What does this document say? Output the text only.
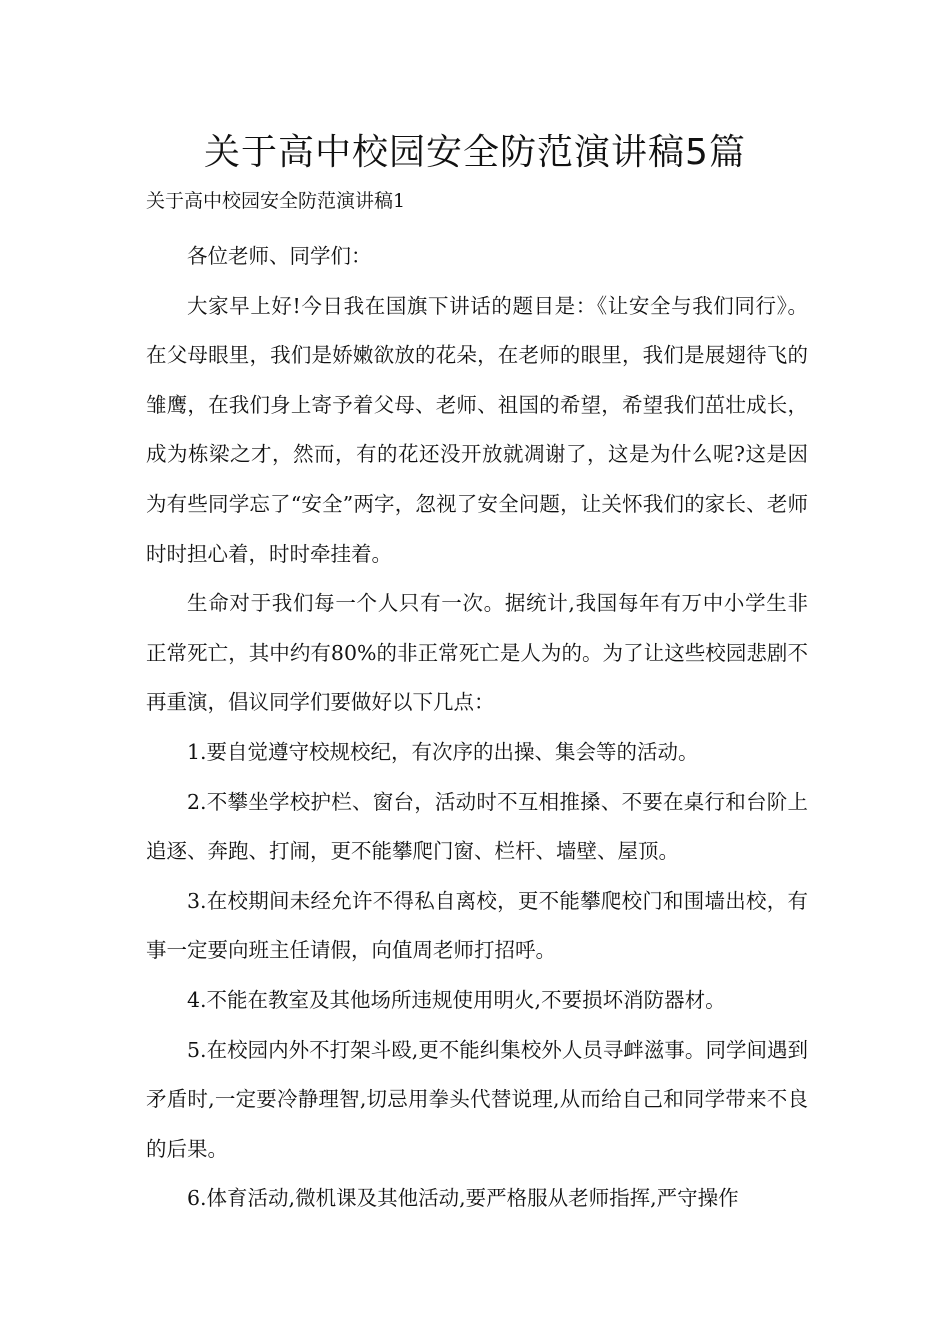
关于高中校园安全防范演讲稿5篇

关于高中校园安全防范演讲稿1

各位老师、同学们：

大家早上好!今日我在国旗下讲话的题目是：《让安全与我们同行》。 在父母眼里，我们是娇嫩欲放的花朵，在老师的眼里，我们是展翅待飞的雏鹰，在我们身上寄予着父母、老师、祖国的希望，希望我们茁壮成长，成为栋梁之才，然而，有的花还没开放就凋谢了，这是为什么呢?这是因为有些同学忘了“安全”两字，忽视了安全问题，让关怀我们的家长、老师时时担心着，时时牵挂着。

生命对于我们每一个人只有一次。据统计,我国每年有万中小学生非正常死亡，其中约有80%的非正常死亡是人为的。为了让这些校园悲剧不再重演，倡议同学们要做好以下几点：

1.要自觉遵守校规校纪，有次序的出操、集会等的活动。

2.不攀坐学校护栏、窗台，活动时不互相推搡、不要在桌行和台阶上追逐、奔跑、打闹，更不能攀爬门窗、栏杆、墙壁、屋顶。

3.在校期间未经允许不得私自离校，更不能攀爬校门和围墙出校，有事一定要向班主任请假，向值周老师打招呼。

4.不能在教室及其他场所违规使用明火,不要损坏消防器材。

5.在校园内外不打架斗殴,更不能纠集校外人员寻衅滋事。同学间遇到矛盾时,一定要冷静理智,切忌用拳头代替说理,从而给自己和同学带来不良的后果。

6.体育活动,微机课及其他活动,要严格服从老师指挥,严守操作
